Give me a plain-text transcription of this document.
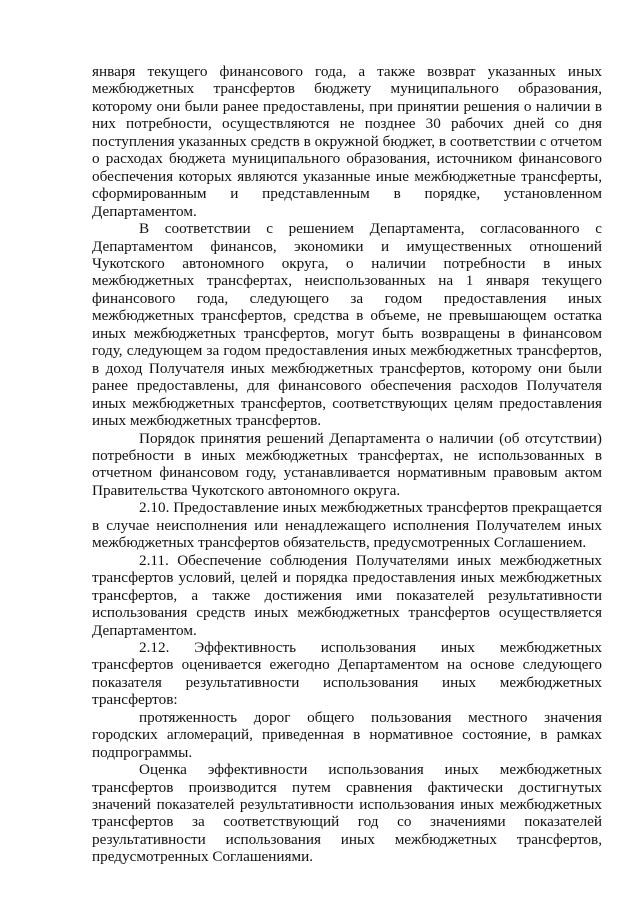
января текущего финансового года, а также возврат указанных иных межбюджетных трансфертов бюджету муниципального образования, которому они были ранее предоставлены, при принятии решения о наличии в них потребности, осуществляются не позднее 30 рабочих дней со дня поступления указанных средств в окружной бюджет, в соответствии с отчетом о расходах бюджета муниципального образования, источником финансового обеспечения которых являются указанные иные межбюджетные трансферты, сформированным и представленным в порядке, установленном Департаментом.

В соответствии с решением Департамента, согласованного с Департаментом финансов, экономики и имущественных отношений Чукотского автономного округа, о наличии потребности в иных межбюджетных трансфертах, неиспользованных на 1 января текущего финансового года, следующего за годом предоставления иных межбюджетных трансфертов, средства в объеме, не превышающем остатка иных межбюджетных трансфертов, могут быть возвращены в финансовом году, следующем за годом предоставления иных межбюджетных трансфертов, в доход Получателя иных межбюджетных трансфертов, которому они были ранее предоставлены, для финансового обеспечения расходов Получателя иных межбюджетных трансфертов, соответствующих целям предоставления иных межбюджетных трансфертов.

Порядок принятия решений Департамента о наличии (об отсутствии) потребности в иных межбюджетных трансфертах, не использованных в отчетном финансовом году, устанавливается нормативным правовым актом Правительства Чукотского автономного округа.

2.10. Предоставление иных межбюджетных трансфертов прекращается в случае неисполнения или ненадлежащего исполнения Получателем иных межбюджетных трансфертов обязательств, предусмотренных Соглашением.

2.11. Обеспечение соблюдения Получателями иных межбюджетных трансфертов условий, целей и порядка предоставления иных межбюджетных трансфертов, а также достижения ими показателей результативности использования средств иных межбюджетных трансфертов осуществляется Департаментом.

2.12. Эффективность использования иных межбюджетных трансфертов оценивается ежегодно Департаментом на основе следующего показателя результативности использования иных межбюджетных трансфертов:

протяженность дорог общего пользования местного значения городских агломераций, приведенная в нормативное состояние, в рамках подпрограммы.

Оценка эффективности использования иных межбюджетных трансфертов производится путем сравнения фактически достигнутых значений показателей результативности использования иных межбюджетных трансфертов за соответствующий год со значениями показателей результативности использования иных межбюджетных трансфертов, предусмотренных Соглашениями.
